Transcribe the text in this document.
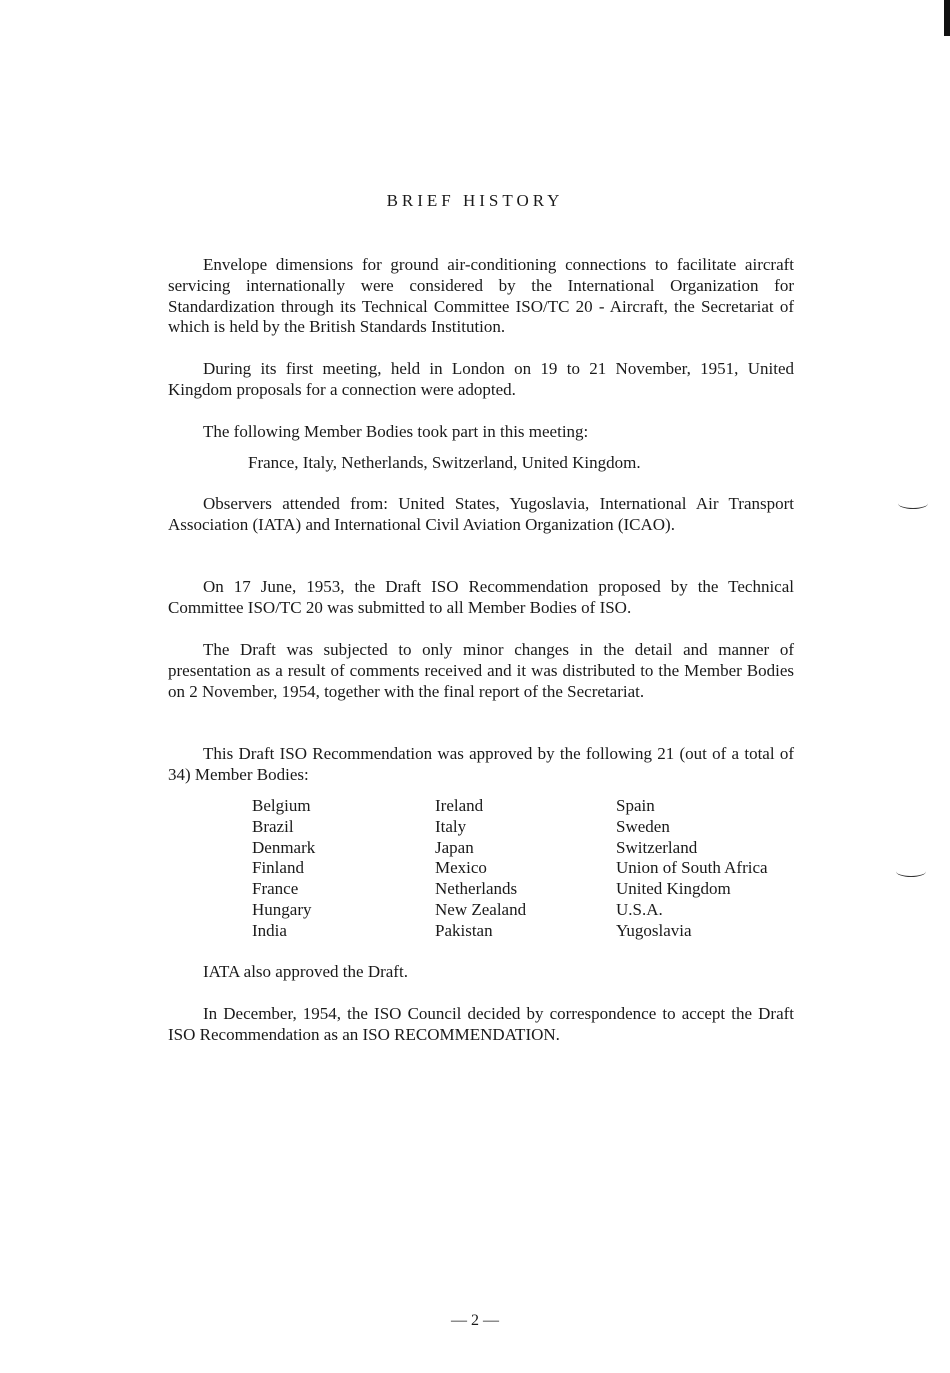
BRIEF HISTORY

Envelope dimensions for ground air-conditioning connections to facilitate aircraft servicing internationally were considered by the International Organization for Standardization through its Technical Committee ISO/TC 20 - Aircraft, the Secretariat of which is held by the British Standards Institution.

During its first meeting, held in London on 19 to 21 November, 1951, United Kingdom proposals for a connection were adopted.

The following Member Bodies took part in this meeting:

France, Italy, Netherlands, Switzerland, United Kingdom.

Observers attended from: United States, Yugoslavia, International Air Transport Association (IATA) and International Civil Aviation Organization (ICAO).

On 17 June, 1953, the Draft ISO Recommendation proposed by the Technical Committee ISO/TC 20 was submitted to all Member Bodies of ISO.

The Draft was subjected to only minor changes in the detail and manner of presentation as a result of comments received and it was distributed to the Member Bodies on 2 November, 1954, together with the final report of the Secretariat.

This Draft ISO Recommendation was approved by the following 21 (out of a total of 34) Member Bodies:

Belgium
Brazil
Denmark
Finland
France
Hungary
India
Ireland
Italy
Japan
Mexico
Netherlands
New Zealand
Pakistan
Spain
Sweden
Switzerland
Union of South Africa
United Kingdom
U.S.A.
Yugoslavia

IATA also approved the Draft.

In December, 1954, the ISO Council decided by correspondence to accept the Draft ISO Recommendation as an ISO RECOMMENDATION.

— 2 —
